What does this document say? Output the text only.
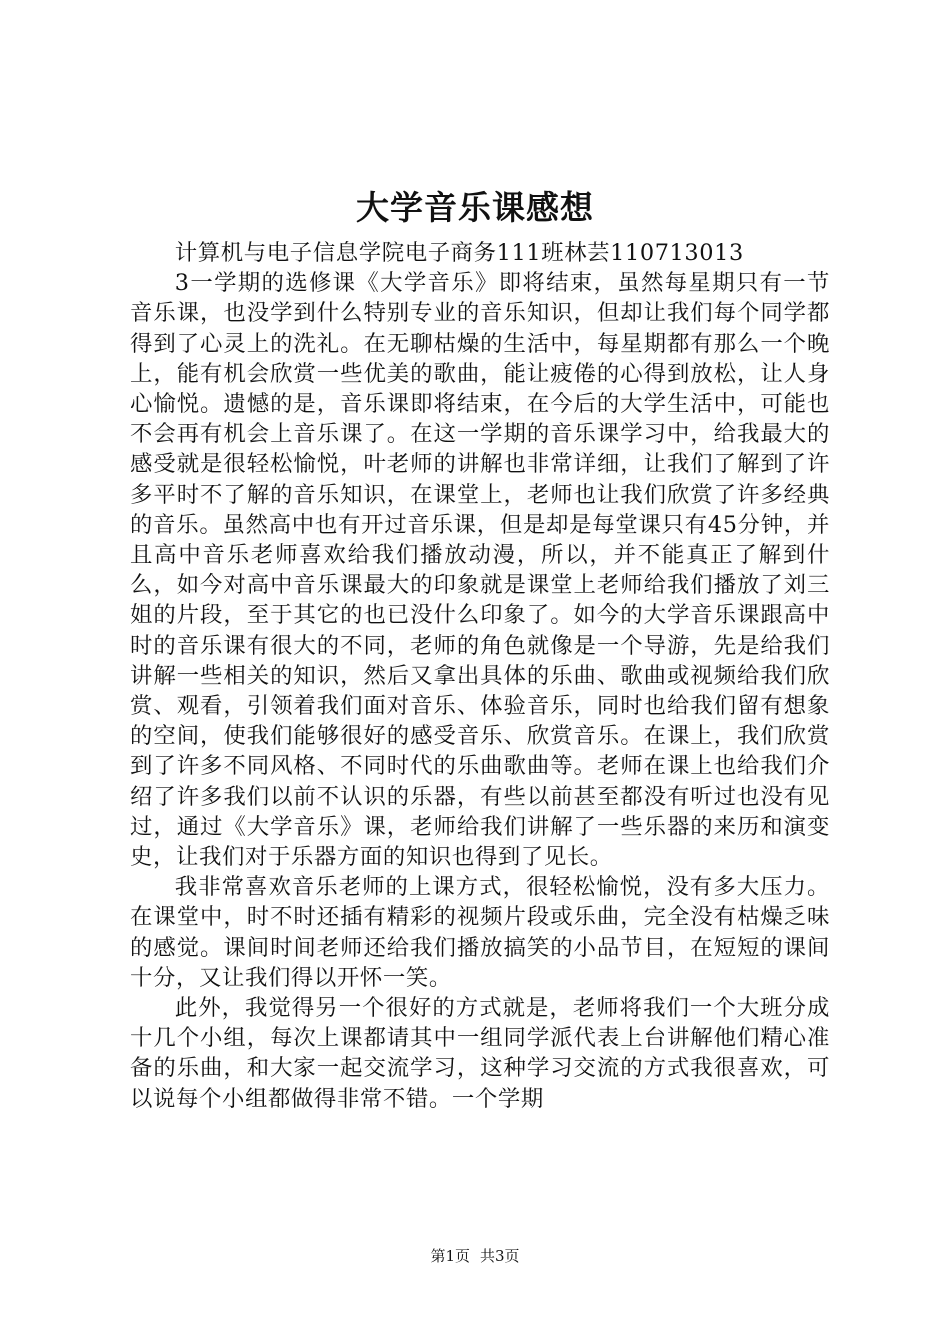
大学音乐课感想

计算机与电子信息学院电子商务111班林芸110713013

3一学期的选修课《大学音乐》即将结束，虽然每星期只有一节音乐课，也没学到什么特别专业的音乐知识，但却让我们每个同学都得到了心灵上的洗礼。在无聊枯燥的生活中，每星期都有那么一个晚上，能有机会欣赏一些优美的歌曲，能让疲倦的心得到放松，让人身心愉悦。遗憾的是，音乐课即将结束，在今后的大学生活中，可能也不会再有机会上音乐课了。在这一学期的音乐课学习中，给我最大的感受就是很轻松愉悦，叶老师的讲解也非常详细，让我们了解到了许多平时不了解的音乐知识，在课堂上，老师也让我们欣赏了许多经典的音乐。虽然高中也有开过音乐课，但是却是每堂课只有45分钟，并且高中音乐老师喜欢给我们播放动漫，所以，并不能真正了解到什么，如今对高中音乐课最大的印象就是课堂上老师给我们播放了刘三姐的片段，至于其它的也已没什么印象了。如今的大学音乐课跟高中时的音乐课有很大的不同，老师的角色就像是一个导游，先是给我们讲解一些相关的知识，然后又拿出具体的乐曲、歌曲或视频给我们欣赏、观看，引领着我们面对音乐、体验音乐，同时也给我们留有想象的空间，使我们能够很好的感受音乐、欣赏音乐。在课上，我们欣赏到了许多不同风格、不同时代的乐曲歌曲等。老师在课上也给我们介绍了许多我们以前不认识的乐器，有些以前甚至都没有听过也没有见过，通过《大学音乐》课，老师给我们讲解了一些乐器的来历和演变史，让我们对于乐器方面的知识也得到了见长。

我非常喜欢音乐老师的上课方式，很轻松愉悦，没有多大压力。在课堂中，时不时还插有精彩的视频片段或乐曲，完全没有枯燥乏味的感觉。课间时间老师还给我们播放搞笑的小品节目，在短短的课间十分，又让我们得以开怀一笑。

此外，我觉得另一个很好的方式就是，老师将我们一个大班分成十几个小组，每次上课都请其中一组同学派代表上台讲解他们精心准备的乐曲，和大家一起交流学习，这种学习交流的方式我很喜欢，可以说每个小组都做得非常不错。一个学期

第1页 共3页
